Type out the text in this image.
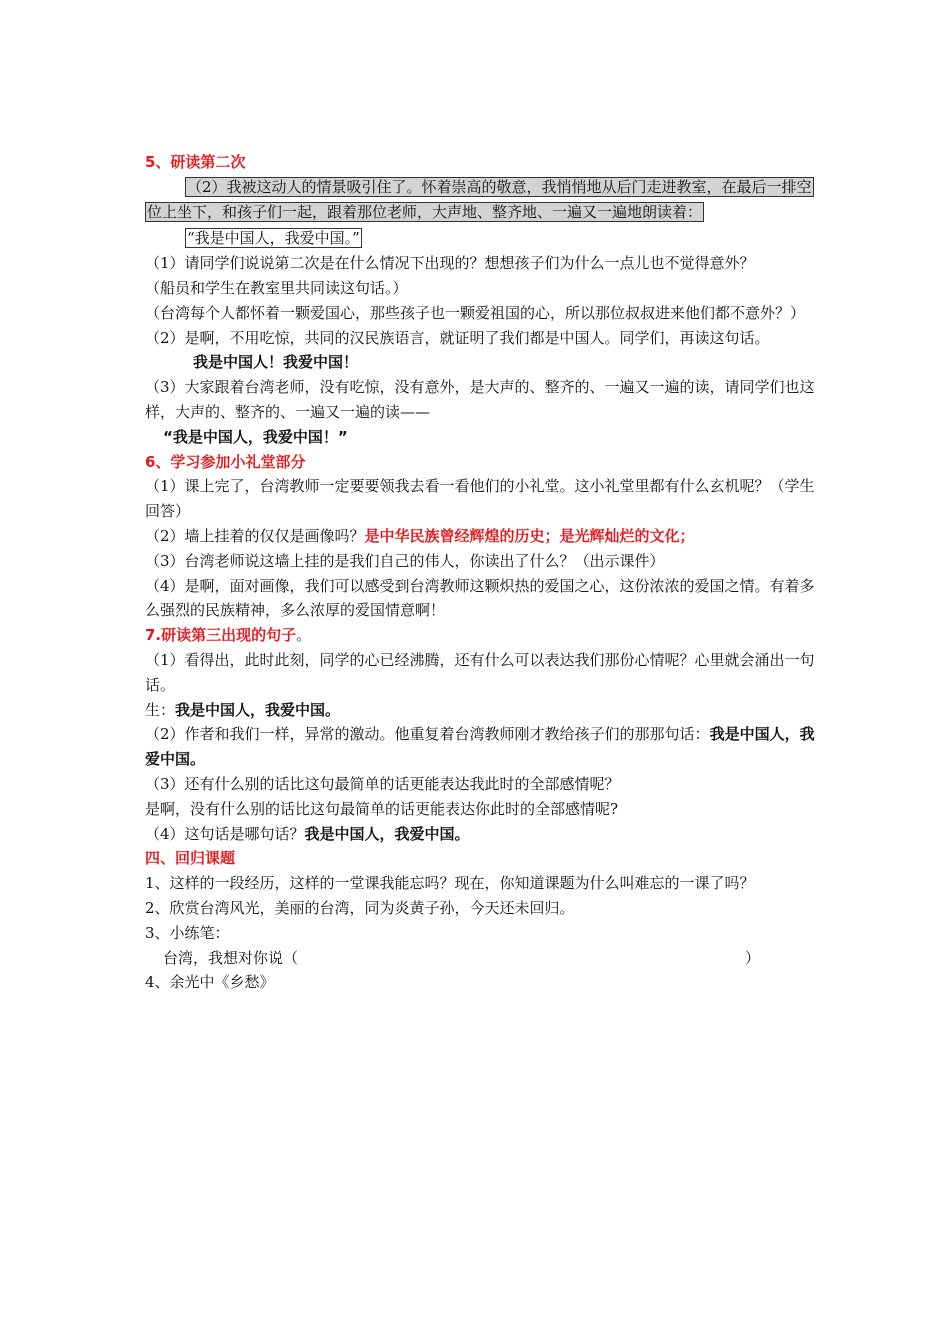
5、研读第二次

（2）我被这动人的情景吸引住了。怀着崇高的敬意，我悄悄地从后门走进教室，在最后一排空位上坐下，和孩子们一起，跟着那位老师，大声地、整齐地、一遍又一遍地朗读着：

“我是中国人，我爱中国。”

（1）请同学们说说第二次是在什么情况下出现的？想想孩子们为什么一点儿也不觉得意外？

（船员和学生在教室里共同读这句话。）

（台湾每个人都怀着一颗爱国心，那些孩子也一颗爱祖国的心，所以那位叔叔进来他们都不意外？）

（2）是啊，不用吃惊，共同的汉民族语言，就证明了我们都是中国人。同学们，再读这句话。

我是中国人！我爱中国！

（3）大家跟着台湾老师，没有吃惊，没有意外，是大声的、整齐的、一遍又一遍的读，请同学们也这样，大声的、整齐的、一遍又一遍的读——

“我是中国人，我爱中国！”

6、学习参加小礼堂部分

（1）课上完了，台湾教师一定要要领我去看一看他们的小礼堂。这小礼堂里都有什么玄机呢？（学生回答）

（2）墙上挂着的仅仅是画像吗？是中华民族曾经辉煌的历史；是光辉灿烂的文化；

（3）台湾老师说这墙上挂的是我们自己的伟人，你读出了什么？（出示课件）

（4）是啊，面对画像，我们可以感受到台湾教师这颗炽热的爱国之心，这份浓浓的爱国之情。有着多么强烈的民族精神，多么浓厚的爱国情意啊！

7.研读第三出现的句子。

（1）看得出，此时此刻，同学的心已经沸腾，还有什么可以表达我们那份心情呢？心里就会涌出一句话。

生：我是中国人，我爱中国。

（2）作者和我们一样，异常的激动。他重复着台湾教师刚才教给孩子们的那那句话：我是中国人，我爱中国。

（3）还有什么别的话比这句最简单的话更能表达我此时的全部感情呢？

是啊，没有什么别的话比这句最简单的话更能表达你此时的全部感情呢?

（4）这句话是哪句话？我是中国人，我爱中国。

四、回归课题

1、这样的一段经历，这样的一堂课我能忘吗？现在，你知道课题为什么叫难忘的一课了吗？

2、欣赏台湾风光，美丽的台湾，同为炎黄子孙，今天还未回归。

3、小练笔：

台湾，我想对你说（	）

4、余光中《乡愁》
